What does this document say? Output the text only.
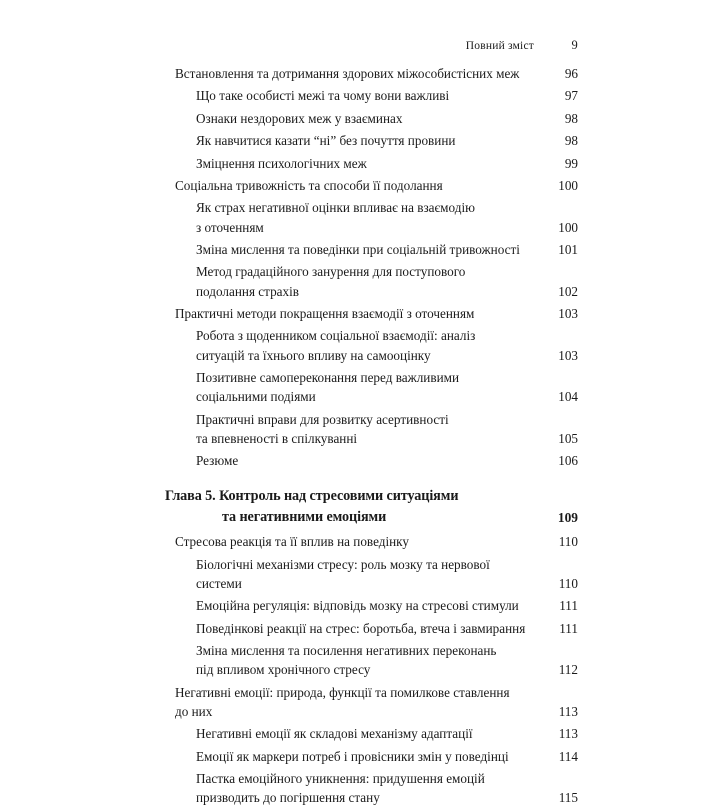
Повний зміст	9
Встановлення та дотримання здорових міжособистісних меж	96
Що таке особисті межі та чому вони важливі	97
Ознаки нездорових меж у взаєминах	98
Як навчитися казати “ні” без почуття провини	98
Зміцнення психологічних меж	99
Соціальна тривожність та способи її подолання	100
Як страх негативної оцінки впливає на взаємодію
з оточенням	100
Зміна мислення та поведінки при соціальній тривожності	101
Метод градаційного занурення для поступового
подолання страхів	102
Практичні методи покращення взаємодії з оточенням	103
Робота з щоденником соціальної взаємодії: аналіз
ситуацій та їхнього впливу на самооцінку	103
Позитивне самопереконання перед важливими
соціальними подіями	104
Практичні вправи для розвитку асертивності
та впевненості в спілкуванні	105
Резюме	106
Глава 5. Контроль над стресовими ситуаціями
та негативними емоціями	109
Стресова реакція та її вплив на поведінку	110
Біологічні механізми стресу: роль мозку та нервової
системи	110
Емоційна регуляція: відповідь мозку на стресові стимули	111
Поведінкові реакції на стрес: боротьба, втеча і завмирання	111
Зміна мислення та посилення негативних переконань
під впливом хронічного стресу	112
Негативні емоції: природа, функції та помилкове ставлення
до них	113
Негативні емоції як складові механізму адаптації	113
Емоції як маркери потреб і провісники змін у поведінці	114
Пастка емоційного уникнення: придушення емоцій
призводить до погіршення стану	115
